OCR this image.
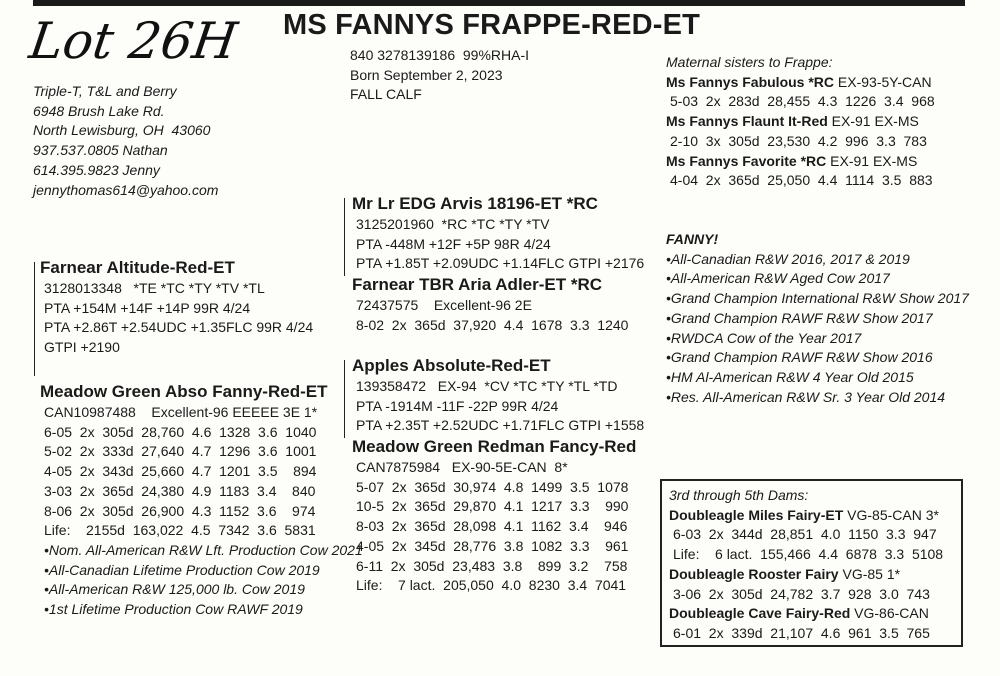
Lot 26H	MS FANNYS FRAPPE-RED-ET

840 3278139186  99%RHA-I

Born September 2, 2023

FALL CALF

Triple-T, T&L and Berry

6948 Brush Lake Rd.

North Lewisburg, OH  43060

937.537.0805 Nathan

614.395.9823 Jenny

jennythomas614@yahoo.com

Maternal sisters to Frappe:

Ms Fannys Fabulous *RC EX-93-5Y-CAN

5-03  2x  283d  28,455  4.3  1226  3.4  968

Ms Fannys Flaunt It-Red EX-91 EX-MS

2-10  3x  305d  23,530  4.2  996  3.3  783

Ms Fannys Favorite *RC EX-91 EX-MS

4-04  2x  365d  25,050  4.4  1114  3.5  883

FANNY!

•All-Canadian R&W 2016, 2017 & 2019

•All-American R&W Aged Cow 2017

•Grand Champion International R&W Show 2017

•Grand Champion RAWF R&W Show 2017

•RWDCA Cow of the Year 2017

•Grand Champion RAWF R&W Show 2016

•HM Al-American R&W 4 Year Old 2015

•Res. All-American R&W Sr. 3 Year Old 2014

Mr Lr EDG Arvis 18196-ET *RC

3125201960  *RC *TC *TY *TV

PTA -448M +12F +5P 98R 4/24

PTA +1.85T +2.09UDC +1.14FLC GTPI +2176

Farnear TBR Aria Adler-ET *RC

72437575    Excellent-96 2E

8-02  2x  365d  37,920  4.4  1678  3.3  1240

Farnear Altitude-Red-ET

3128013348   *TE *TC *TY *TV *TL

PTA +154M +14F +14P 99R 4/24

PTA +2.86T +2.54UDC +1.35FLC 99R 4/24

GTPI +2190

Meadow Green Abso Fanny-Red-ET

CAN10987488    Excellent-96 EEEEE 3E 1*

6-05  2x  305d  28,760  4.6  1328  3.6  1040

5-02  2x  333d  27,640  4.7  1296  3.6  1001

4-05  2x  343d  25,660  4.7  1201  3.5    894

3-03  2x  365d  24,380  4.9  1183  3.4    840

8-06  2x  305d  26,900  4.3  1152  3.6    974

Life:    2155d  163,022  4.5  7342  3.6  5831

•Nom. All-American R&W Lft. Production Cow 2021

•All-Canadian Lifetime Production Cow 2019

•All-American R&W 125,000 lb. Cow 2019

•1st Lifetime Production Cow RAWF 2019

Apples Absolute-Red-ET

139358472   EX-94  *CV *TC *TY *TL *TD

PTA -1914M -11F -22P 99R 4/24

PTA +2.35T +2.52UDC +1.71FLC GTPI +1558

Meadow Green Redman Fancy-Red

CAN7875984   EX-90-5E-CAN  8*

5-07  2x  365d  30,974  4.8  1499  3.5  1078

10-5  2x  365d  29,870  4.1  1217  3.3    990

8-03  2x  365d  28,098  4.1  1162  3.4    946

4-05  2x  345d  28,776  3.8  1082  3.3    961

6-11  2x  305d  23,483  3.8    899  3.2    758

Life:    7 lact.  205,050  4.0  8230  3.4  7041

3rd through 5th Dams:

Doubleagle Miles Fairy-ET VG-85-CAN 3*

6-03  2x  344d  28,851  4.0  1150  3.3  947

Life:    6 lact.  155,466  4.4  6878  3.3  5108

Doubleagle Rooster Fairy VG-85 1*

3-06  2x  305d  24,782  3.7  928  3.0  743

Doubleagle Cave Fairy-Red VG-86-CAN

6-01  2x  339d  21,107  4.6  961  3.5  765
